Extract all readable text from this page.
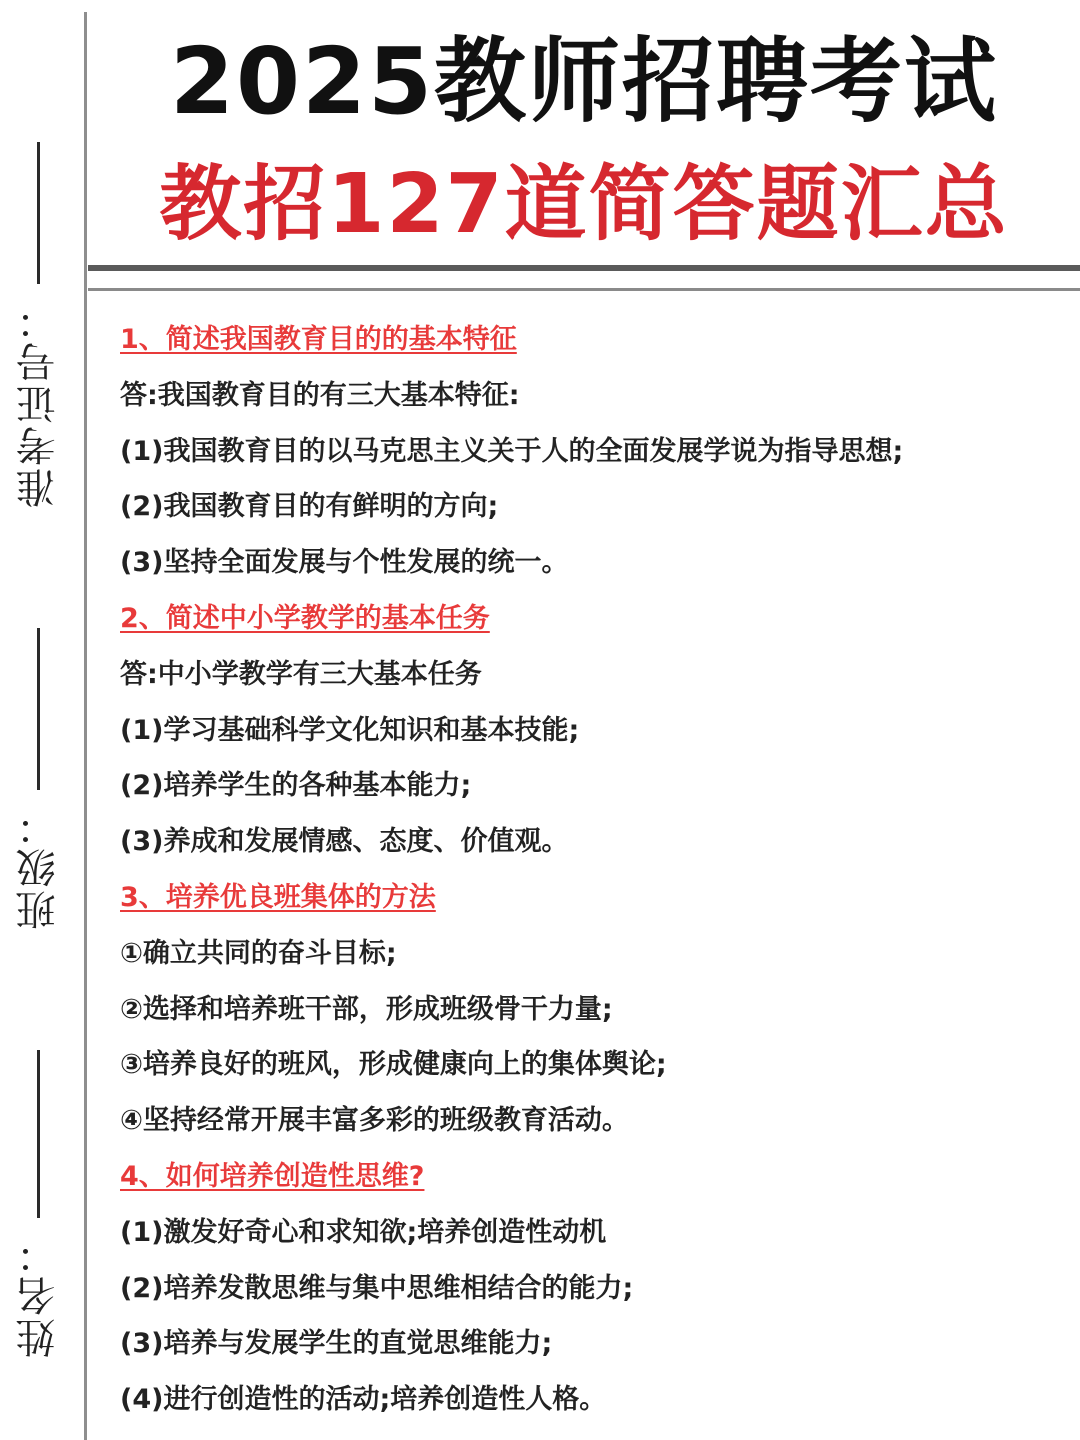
姓名：
班级：
准考证号：
2025教师招聘考试
教招127道简答题汇总
1、简述我国教育目的的基本特征
答:我国教育目的有三大基本特征:
(1)我国教育目的以马克思主义关于人的全面发展学说为指导思想;
(2)我国教育目的有鲜明的方向;
(3)坚持全面发展与个性发展的统一。
2、简述中小学教学的基本任务
答:中小学教学有三大基本任务
(1)学习基础科学文化知识和基本技能;
(2)培养学生的各种基本能力;
(3)养成和发展情感、态度、价值观。
3、培养优良班集体的方法
①确立共同的奋斗目标;
②选择和培养班干部，形成班级骨干力量;
③培养良好的班风，形成健康向上的集体舆论;
④坚持经常开展丰富多彩的班级教育活动。
4、如何培养创造性思维?
(1)激发好奇心和求知欲;培养创造性动机
(2)培养发散思维与集中思维相结合的能力;
(3)培养与发展学生的直觉思维能力;
(4)进行创造性的活动;培养创造性人格。
